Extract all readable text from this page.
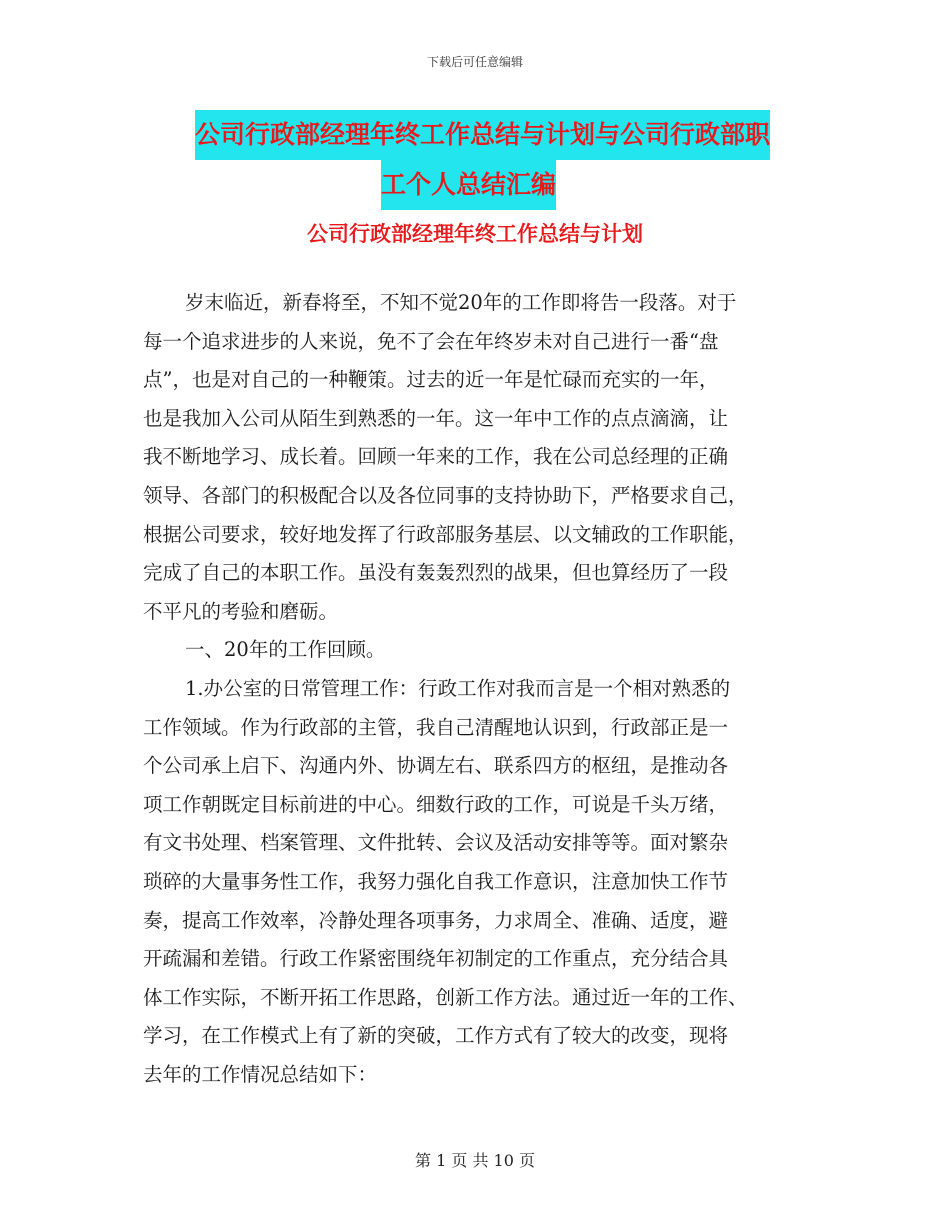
下载后可任意编辑
公司行政部经理年终工作总结与计划与公司行政部职
工个人总结汇编
公司行政部经理年终工作总结与计划
岁末临近，新春将至，不知不觉20年的工作即将告一段落。对于
每一个追求进步的人来说，免不了会在年终岁未对自己进行一番“盘
点”，也是对自己的一种鞭策。过去的近一年是忙碌而充实的一年，
也是我加入公司从陌生到熟悉的一年。这一年中工作的点点滴滴，让
我不断地学习、成长着。回顾一年来的工作，我在公司总经理的正确
领导、各部门的积极配合以及各位同事的支持协助下，严格要求自己，
根据公司要求，较好地发挥了行政部服务基层、以文辅政的工作职能，
完成了自己的本职工作。虽没有轰轰烈烈的战果，但也算经历了一段
不平凡的考验和磨砺。
一、20年的工作回顾。
1.办公室的日常管理工作：行政工作对我而言是一个相对熟悉的
工作领域。作为行政部的主管，我自己清醒地认识到，行政部正是一
个公司承上启下、沟通内外、协调左右、联系四方的枢纽，是推动各
项工作朝既定目标前进的中心。细数行政的工作，可说是千头万绪，
有文书处理、档案管理、文件批转、会议及活动安排等等。面对繁杂
琐碎的大量事务性工作，我努力强化自我工作意识，注意加快工作节
奏，提高工作效率，冷静处理各项事务，力求周全、准确、适度，避
开疏漏和差错。行政工作紧密围绕年初制定的工作重点，充分结合具
体工作实际，不断开拓工作思路，创新工作方法。通过近一年的工作、
学习，在工作模式上有了新的突破，工作方式有了较大的改变，现将
去年的工作情况总结如下：
第 1 页 共 10 页
